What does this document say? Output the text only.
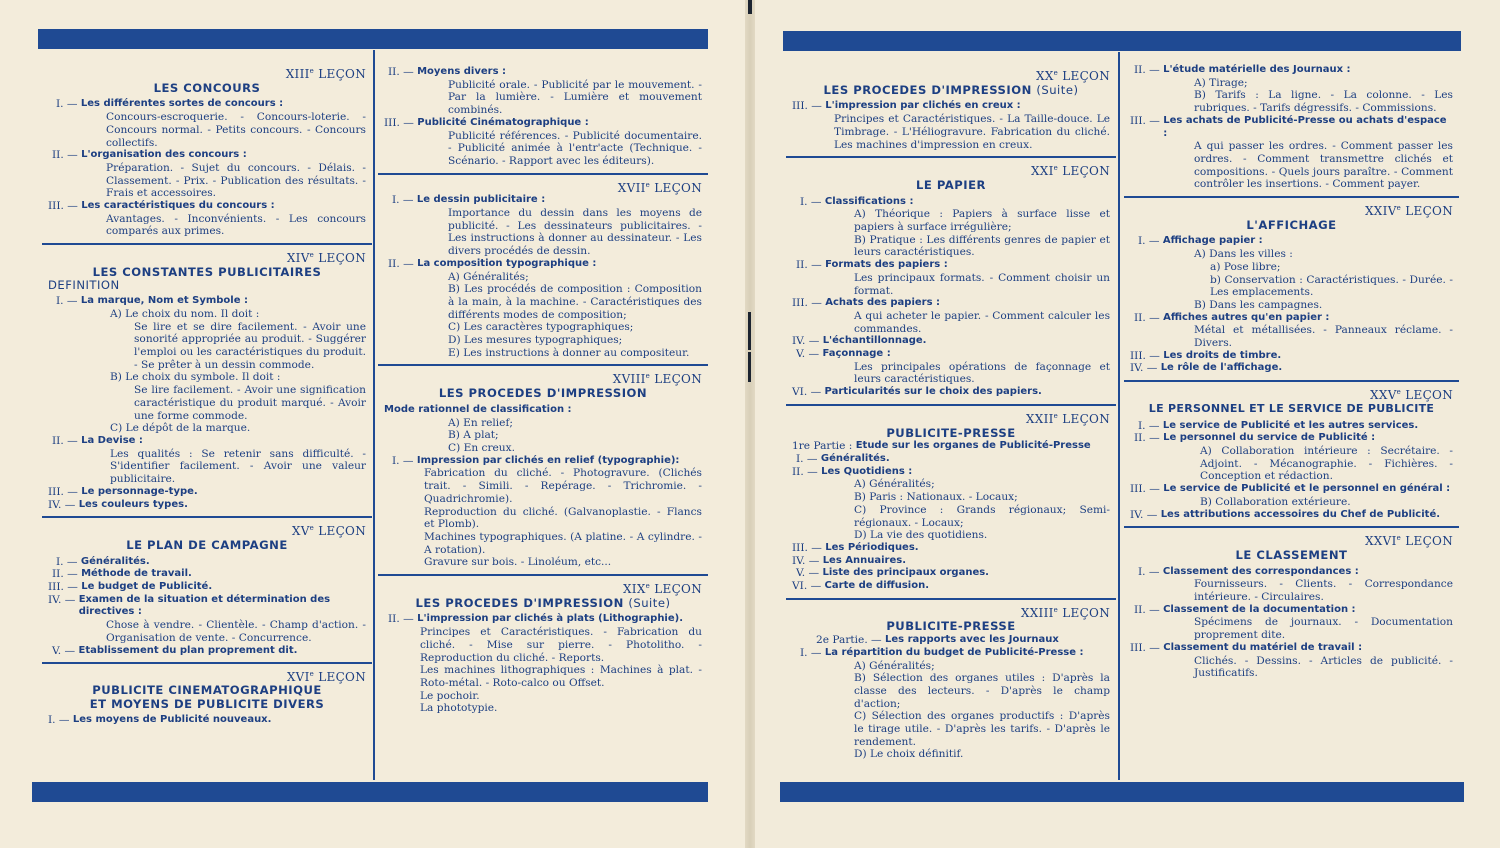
XIIIe LEÇON
LES CONCOURS
I. — Les différentes sortes de concours :
Concours-escroquerie. - Concours-loterie. - Concours normal. - Petits concours. - Concours collectifs.
II. — L'organisation des concours :
Préparation. - Sujet du concours. - Délais. - Classement. - Prix. - Publication des résultats. - Frais et accessoires.
III. — Les caractéristiques du concours :
Avantages. - Inconvénients. - Les concours comparés aux primes.
XIVe LEÇON
LES CONSTANTES PUBLICITAIRES
DEFINITION
I. — La marque, Nom et Symbole :
A) Le choix du nom. Il doit :
Se lire et se dire facilement. - Avoir une sonorité appropriée au produit. - Suggérer l'emploi ou les caractéristiques du produit. - Se prêter à un dessin commode.
B) Le choix du symbole. Il doit :
Se lire facilement. - Avoir une signification caractéristique du produit marqué. - Avoir une forme commode.
C) Le dépôt de la marque.
II. — La Devise :
Les qualités : Se retenir sans difficulté. - S'identifier facilement. - Avoir une valeur publicitaire.
III. — Le personnage-type.
IV. — Les couleurs types.
XVe LEÇON
LE PLAN DE CAMPAGNE
I. — Généralités.
II. — Méthode de travail.
III. — Le budget de Publicité.
IV. — Examen de la situation et détermination des directives :
Chose à vendre. - Clientèle. - Champ d'action. - Organisation de vente. - Concurrence.
V. — Etablissement du plan proprement dit.
XVIe LEÇON
PUBLICITE CINEMATOGRAPHIQUE
ET MOYENS DE PUBLICITE DIVERS
I. — Les moyens de Publicité nouveaux.
II. — Moyens divers :
Publicité orale. - Publicité par le mouvement. - Par la lumière. - Lumière et mouvement combinés.
III. — Publicité Cinématographique :
Publicité références. - Publicité documentaire. - Publicité animée à l'entr'acte (Technique. - Scénario. - Rapport avec les éditeurs).
XVIIe LEÇON
I. — Le dessin publicitaire :
Importance du dessin dans les moyens de publicité. - Les dessinateurs publicitaires. - Les instructions à donner au dessinateur. - Les divers procédés de dessin.
II. — La composition typographique :
A) Généralités;
B) Les procédés de composition : Composition à la main, à la machine. - Caractéristiques des différents modes de composition;
C) Les caractères typographiques;
D) Les mesures typographiques;
E) Les instructions à donner au compositeur.
XVIIIe LEÇON
LES PROCEDES D'IMPRESSION
Mode rationnel de classification :
A) En relief;
B) A plat;
C) En creux.
I. — Impression par clichés en relief (typographie):
Fabrication du cliché. - Photogravure. (Clichés trait. - Simili. - Repérage. - Trichromie. - Quadrichromie).
Reproduction du cliché. (Galvanoplastie. - Flancs et Plomb).
Machines typographiques. (A platine. - A cylindre. - A rotation).
Gravure sur bois. - Linoléum, etc...
XIXe LEÇON
LES PROCEDES D'IMPRESSION (Suite)
II. — L'impression par clichés à plats (Lithographie).
Principes et Caractéristiques. - Fabrication du cliché. - Mise sur pierre. - Photolitho. - Reproduction du cliché. - Reports.
Les machines lithographiques : Machines à plat. - Roto-métal. - Roto-calco ou Offset.
Le pochoir.
La phototypie.
XXe LEÇON
LES PROCEDES D'IMPRESSION (Suite)
III. — L'impression par clichés en creux :
Principes et Caractéristiques. - La Taille-douce. Le Timbrage. - L'Héliogravure. Fabrication du cliché. Les machines d'impression en creux.
XXIe LEÇON
LE PAPIER
I. — Classifications :
A) Théorique : Papiers à surface lisse et papiers à surface irrégulière;
B) Pratique : Les différents genres de papier et leurs caractéristiques.
II. — Formats des papiers :
Les principaux formats. - Comment choisir un format.
III. — Achats des papiers :
A qui acheter le papier. - Comment calculer les commandes.
IV. — L'échantillonnage.
V. — Façonnage :
Les principales opérations de façonnage et leurs caractéristiques.
VI. — Particularités sur le choix des papiers.
XXIIe LEÇON
PUBLICITE-PRESSE
1re Partie : Etude sur les organes de Publicité-Presse
I. — Généralités.
II. — Les Quotidiens :
A) Généralités;
B) Paris : Nationaux. - Locaux;
C) Province : Grands régionaux; Semi-régionaux. - Locaux;
D) La vie des quotidiens.
III. — Les Périodiques.
IV. — Les Annuaires.
V. — Liste des principaux organes.
VI. — Carte de diffusion.
XXIIIe LEÇON
PUBLICITE-PRESSE
2e Partie. — Les rapports avec les Journaux
I. — La répartition du budget de Publicité-Presse :
A) Généralités;
B) Sélection des organes utiles : D'après la classe des lecteurs. - D'après le champ d'action;
C) Sélection des organes productifs : D'après le tirage utile. - D'après les tarifs. - D'après le rendement.
D) Le choix définitif.
II. — L'étude matérielle des Journaux :
A) Tirage;
B) Tarifs : La ligne. - La colonne. - Les rubriques. - Tarifs dégressifs. - Commissions.
III. — Les achats de Publicité-Presse ou achats d'espace :
A qui passer les ordres. - Comment passer les ordres. - Comment transmettre clichés et compositions. - Quels jours paraître. - Comment contrôler les insertions. - Comment payer.
XXIVe LEÇON
L'AFFICHAGE
I. — Affichage papier :
A) Dans les villes :
a) Pose libre;
b) Conservation : Caractéristiques. - Durée. - Les emplacements.
B) Dans les campagnes.
II. — Affiches autres qu'en papier :
Métal et métallisées. - Panneaux réclame. - Divers.
III. — Les droits de timbre.
IV. — Le rôle de l'affichage.
XXVe LEÇON
LE PERSONNEL ET LE SERVICE DE PUBLICITE
I. — Le service de Publicité et les autres services.
II. — Le personnel du service de Publicité :
A) Collaboration intérieure : Secrétaire. - Adjoint. - Mécanographie. - Fichières. - Conception et rédaction.
III. — Le service de Publicité et le personnel en général :
B) Collaboration extérieure.
IV. — Les attributions accessoires du Chef de Publicité.
XXVIe LEÇON
LE CLASSEMENT
I. — Classement des correspondances :
Fournisseurs. - Clients. - Correspondance intérieure. - Circulaires.
II. — Classement de la documentation :
Spécimens de journaux. - Documentation proprement dite.
III. — Classement du matériel de travail :
Clichés. - Dessins. - Articles de publicité. - Justificatifs.
